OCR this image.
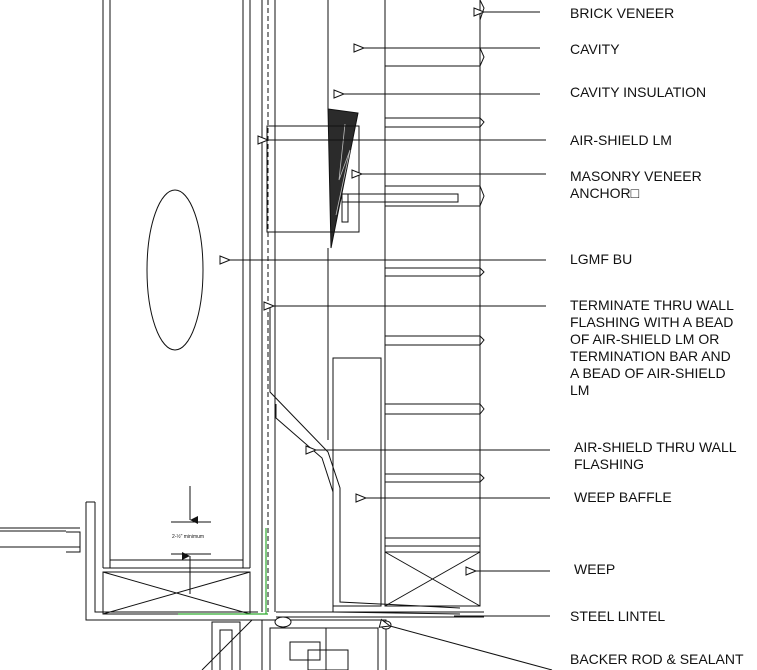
BRICK VENEER
CAVITY
CAVITY INSULATION
AIR-SHIELD LM
MASONRY VENEER
ANCHOR□
LGMF BU
TERMINATE THRU WALL
FLASHING WITH A BEAD
OF AIR-SHIELD LM OR
TERMINATION BAR AND
A BEAD OF AIR-SHIELD
LM
AIR-SHIELD THRU WALL
FLASHING
WEEP BAFFLE
WEEP
STEEL LINTEL
BACKER ROD & SEALANT
2-½" minimum
